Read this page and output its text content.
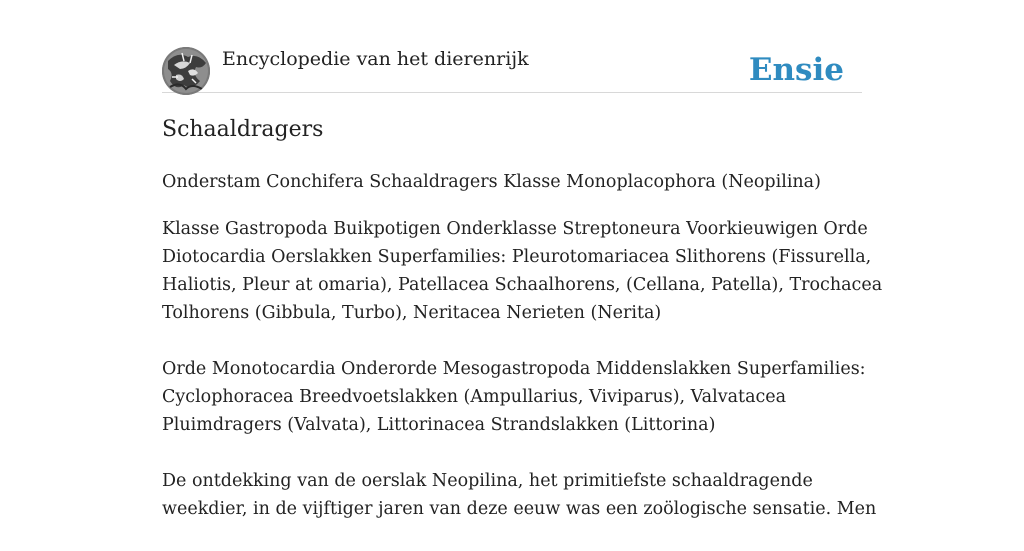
Encyclopedie van het dierenrijk	Ensie
Schaaldragers

Onderstam Conchifera Schaaldragers Klasse Monoplacophora (Neopilina)

Klasse Gastropoda Buikpotigen Onderklasse Streptoneura Voorkieuwigen Orde
Diotocardia Oerslakken Superfamilies: Pleurotomariacea Slithorens (Fissurella,
Haliotis, Pleur at omaria), Patellacea Schaalhorens, (Cellana, Patella), Trochacea
Tolhorens (Gibbula, Turbo), Neritacea Nerieten (Nerita)

Orde Monotocardia Onderorde Mesogastropoda Middenslakken Superfamilies:
Cyclophoracea Breedvoetslakken (Ampullarius, Viviparus), Valvatacea
Pluimdragers (Valvata), Littorinacea Strandslakken (Littorina)

De ontdekking van de oerslak Neopilina, het primitiefste schaaldragende
weekdier, in de vijftiger jaren van deze eeuw was een zoölogische sensatie. Men
